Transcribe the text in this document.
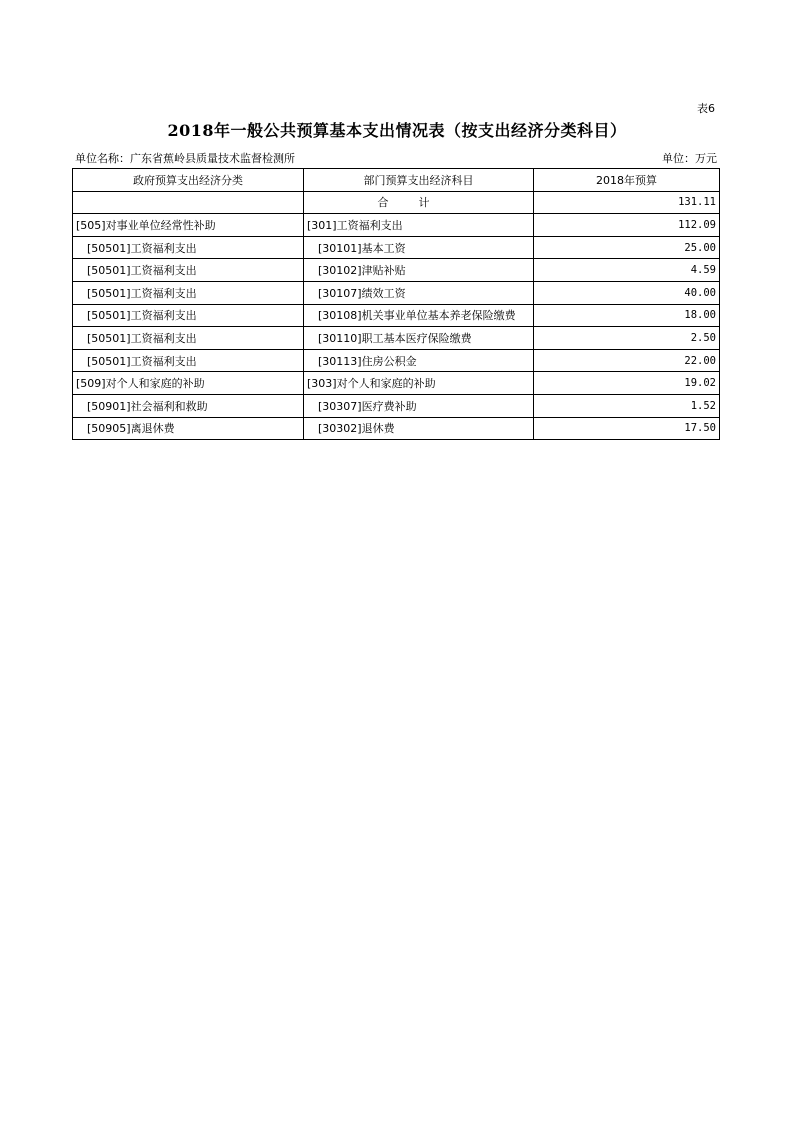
表6
2018年一般公共预算基本支出情况表（按支出经济分类科目）
单位名称：广东省蕉岭县质量技术监督检测所	单位：万元
政府预算支出经济分类	部门预算支出经济科目	2018年预算
	合计	131.11
[505]对事业单位经常性补助	[301]工资福利支出	112.09
[50501]工资福利支出	[30101]基本工资	25.00
[50501]工资福利支出	[30102]津贴补贴	4.59
[50501]工资福利支出	[30107]绩效工资	40.00
[50501]工资福利支出	[30108]机关事业单位基本养老保险缴费	18.00
[50501]工资福利支出	[30110]职工基本医疗保险缴费	2.50
[50501]工资福利支出	[30113]住房公积金	22.00
[509]对个人和家庭的补助	[303]对个人和家庭的补助	19.02
[50901]社会福利和救助	[30307]医疗费补助	1.52
[50905]离退休费	[30302]退休费	17.50
